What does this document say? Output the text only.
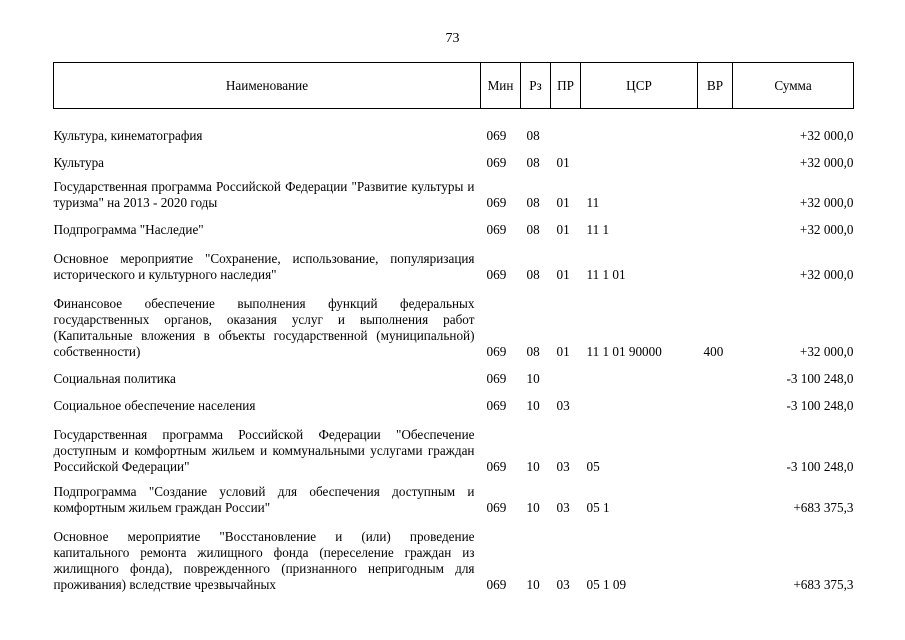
73
Наименование	Мин	Рз	ПР	ЦСР	ВР	Сумма

Культура, кинематография	069	08				+32 000,0
Культура	069	08	01			+32 000,0
Государственная программа Российской Федерации "Развитие культуры и туризма" на 2013 - 2020 годы	069	08	01	11		+32 000,0
Подпрограмма "Наследие"	069	08	01	11 1		+32 000,0
Основное мероприятие "Сохранение, использование, популяризация исторического и культурного наследия"	069	08	01	11 1 01		+32 000,0
Финансовое обеспечение выполнения функций федеральных государственных органов, оказания услуг и выполнения работ (Капитальные вложения в объекты государственной (муниципальной) собственности)	069	08	01	11 1 01 90000	400	+32 000,0
Социальная политика	069	10				-3 100 248,0
Социальное обеспечение населения	069	10	03			-3 100 248,0
Государственная программа Российской Федерации "Обеспечение доступным и комфортным жильем и коммунальными услугами граждан Российской Федерации"	069	10	03	05		-3 100 248,0
Подпрограмма "Создание условий для обеспечения доступным и комфортным жильем граждан России"	069	10	03	05 1		+683 375,3
Основное мероприятие "Восстановление и (или) проведение капитального ремонта жилищного фонда (переселение граждан из жилищного фонда), поврежденного (признанного непригодным для проживания) вследствие чрезвычайных	069	10	03	05 1 09		+683 375,3
